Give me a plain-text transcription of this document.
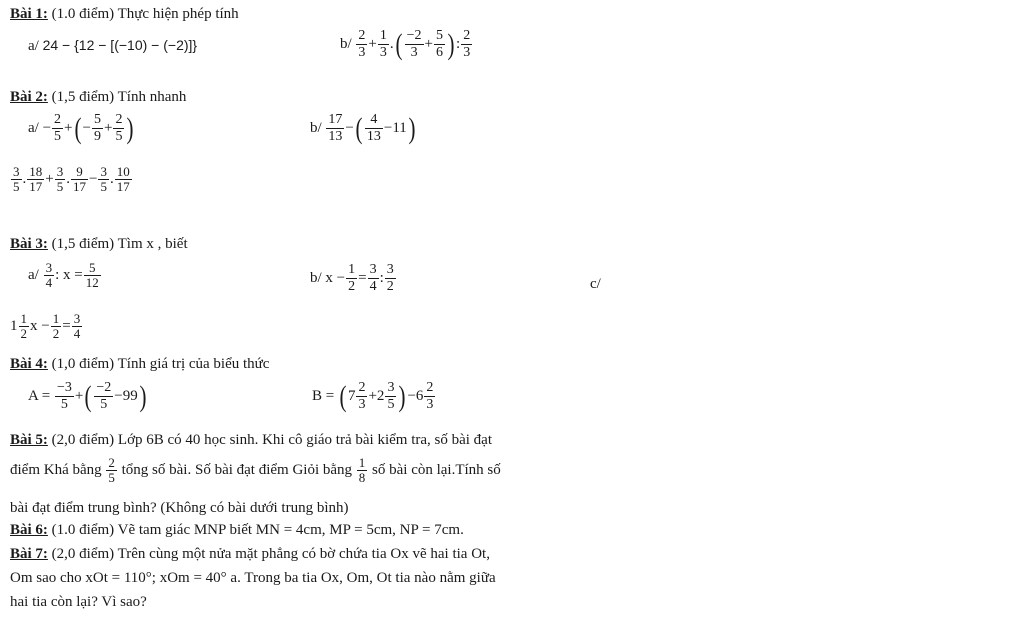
Bài 1: (1.0 điểm) Thực hiện phép tính
a/ 24 − {12 − [(−10) − (−2)]}	$b/ \frac{2}{3} + \frac{1}{3}$ .( $\frac{-2}{3} + \frac{5}{6}$ ) : $\frac{2}{3}$
Bài 2: (1,5 điểm) Tính nhanh
$a/ - \frac{2}{5}$ +( − $\frac{5}{9} + \frac{2}{5}$ )	$b/ \frac{17}{13}$ −( $\frac{4}{13} -11$)
$\frac{3}{5}$ . $\frac{18}{17} + \frac{3}{5}$ . $\frac{9}{17} - \frac{3}{5}$ . $\frac{10}{17}$
Bài 3: (1,5 điểm) Tìm x , biết
$a/ \frac{3}{4}$ : $x = \frac{5}{12}$	b/ $x - \frac{1}{2} = \frac{3}{4}$ : $\frac{3}{2}$	c/
$1 \frac{1}{2}$ $x - \frac{1}{2} = \frac{3}{4}$
Bài 4: (1,0 điểm) Tính giá trị của biểu thức
$A = \frac{-3}{5}$ +( $\frac{-2}{5} -99$)	B = ( $7 \frac{2}{3} +2 \frac{3}{5}$ ) $-6 \frac{2}{3}$
Bài 5: (2,0 điểm) Lớp 6B có 40 học sinh. Khi cô giáo trả bài kiểm tra, số bài đạt
điểm Khá bằng $\frac{2}{5}$ tổng số bài. Số bài đạt điểm Giỏi bằng $\frac{1}{8}$ số bài còn lại.Tính số
bài đạt điểm trung bình? (Không có bài dưới trung bình)
Bài 6: (1.0 điểm) Vẽ tam giác MNP biết MN = 4cm, MP = 5cm, NP = 7cm.
Bài 7: (2,0 điểm) Trên cùng một nửa mặt phẳng có bờ chứa tia Ox vẽ hai tia Ot,
Om sao cho xOt = 110°; xOm = 40° a. Trong ba tia Ox, Om, Ot tia nào nằm giữa
hai tia còn lại? Vì sao?
